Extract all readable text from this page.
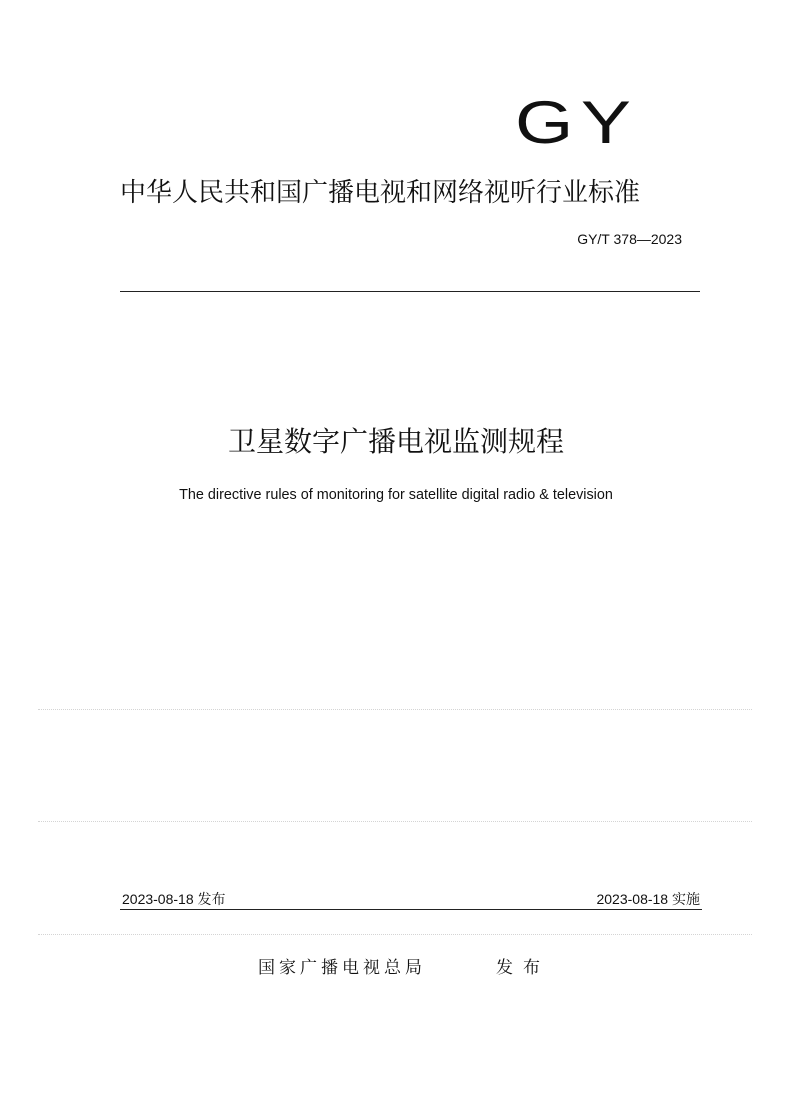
GY
中华人民共和国广播电视和网络视听行业标准
GY/T 378—2023
卫星数字广播电视监测规程
The directive rules of monitoring for satellite digital radio & television
2023-08-18 发布	2023-08-18 实施
国家广播电视总局	发布
